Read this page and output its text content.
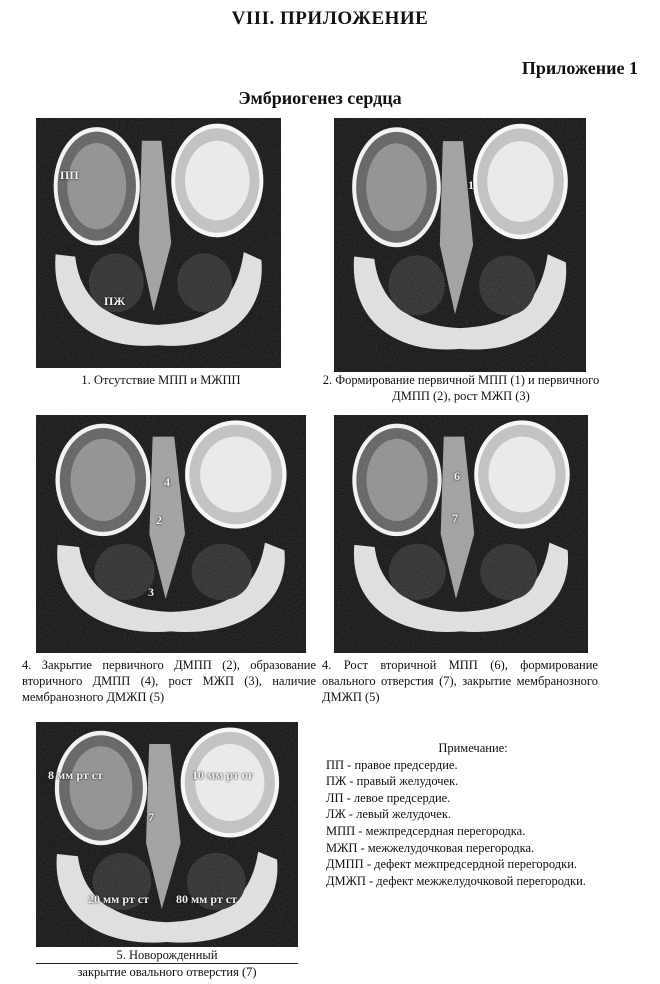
VIII. ПРИЛОЖЕНИЕ
Приложение 1
Эмбриогенез сердца
ПП
ПЖ
1. Отсутствие МПП и МЖПП
1
2. Формирование первичной МПП (1) и первичного ДМПП (2), рост МЖП (3)
4
2
3
4. Закрытие первичного ДМПП (2), образование вторичного ДМПП (4), рост МЖП (3), наличие мембранозного ДМЖП (5)
6
7
4. Рост вторичной МПП (6), формирование овального отверстия (7), закрытие мембранозного ДМЖП (5)
8 мм рт ст	10 мм рт ст
7
20 мм рт ст 80 мм рт ст
5. Новорожденный
закрытие овального отверстия (7)
Примечание:
ПП - правое предсердие.
ПЖ - правый желудочек.
ЛП - левое предсердие.
ЛЖ - левый желудочек.
МПП - межпредсердная перегородка.
МЖП - межжелудочковая перегородка.
ДМПП - дефект межпредсердной перегородки.
ДМЖП - дефект межжелудочковой перегородки.
